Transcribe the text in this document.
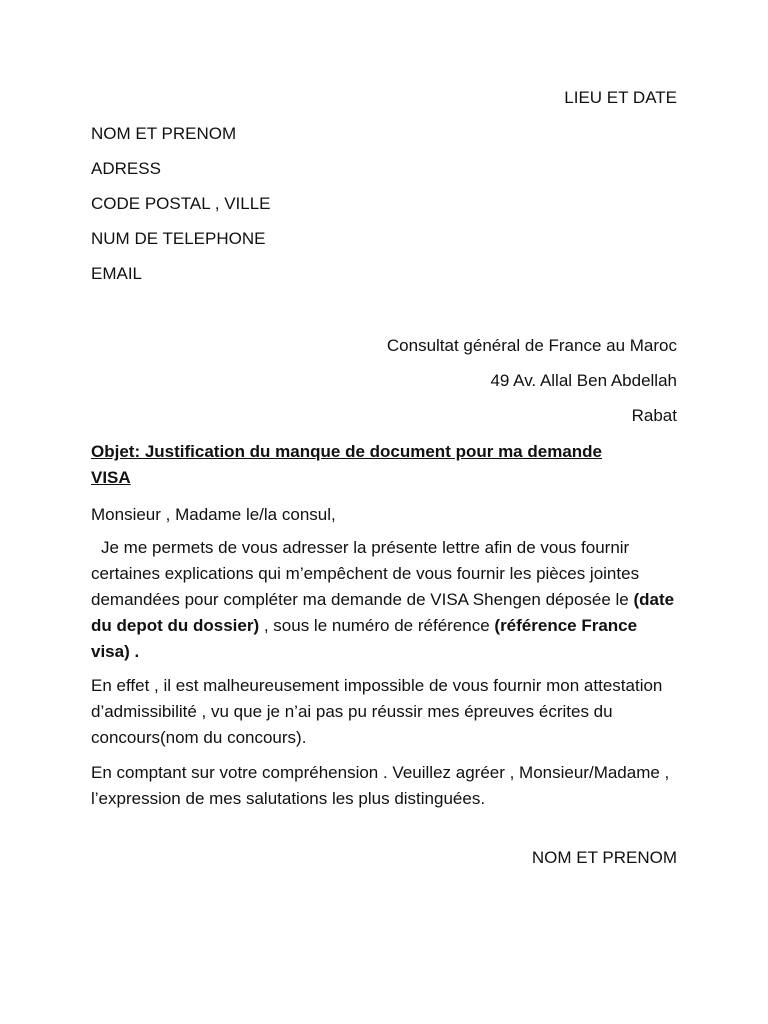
LIEU ET DATE
NOM ET PRENOM
ADRESS
CODE POSTAL , VILLE
NUM DE TELEPHONE
EMAIL
Consultat général de France au Maroc
49 Av. Allal Ben Abdellah
Rabat
Objet: Justification du manque de document pour ma demande
VISA
Monsieur , Madame le/la consul,
Je me permets de vous adresser la présente lettre afin de vous fournir certaines explications qui m’empêchent de vous fournir les pièces jointes demandées pour compléter ma demande de VISA Shengen déposée le (date du depot du dossier) , sous le numéro de référence (référence France visa) .
En effet , il est malheureusement impossible de vous fournir mon attestation d’admissibilité , vu que je n’ai pas pu réussir mes épreuves écrites du concours(nom du concours).
En comptant sur votre compréhension . Veuillez agréer , Monsieur/Madame , l’expression de mes salutations les plus distinguées.
NOM ET PRENOM
